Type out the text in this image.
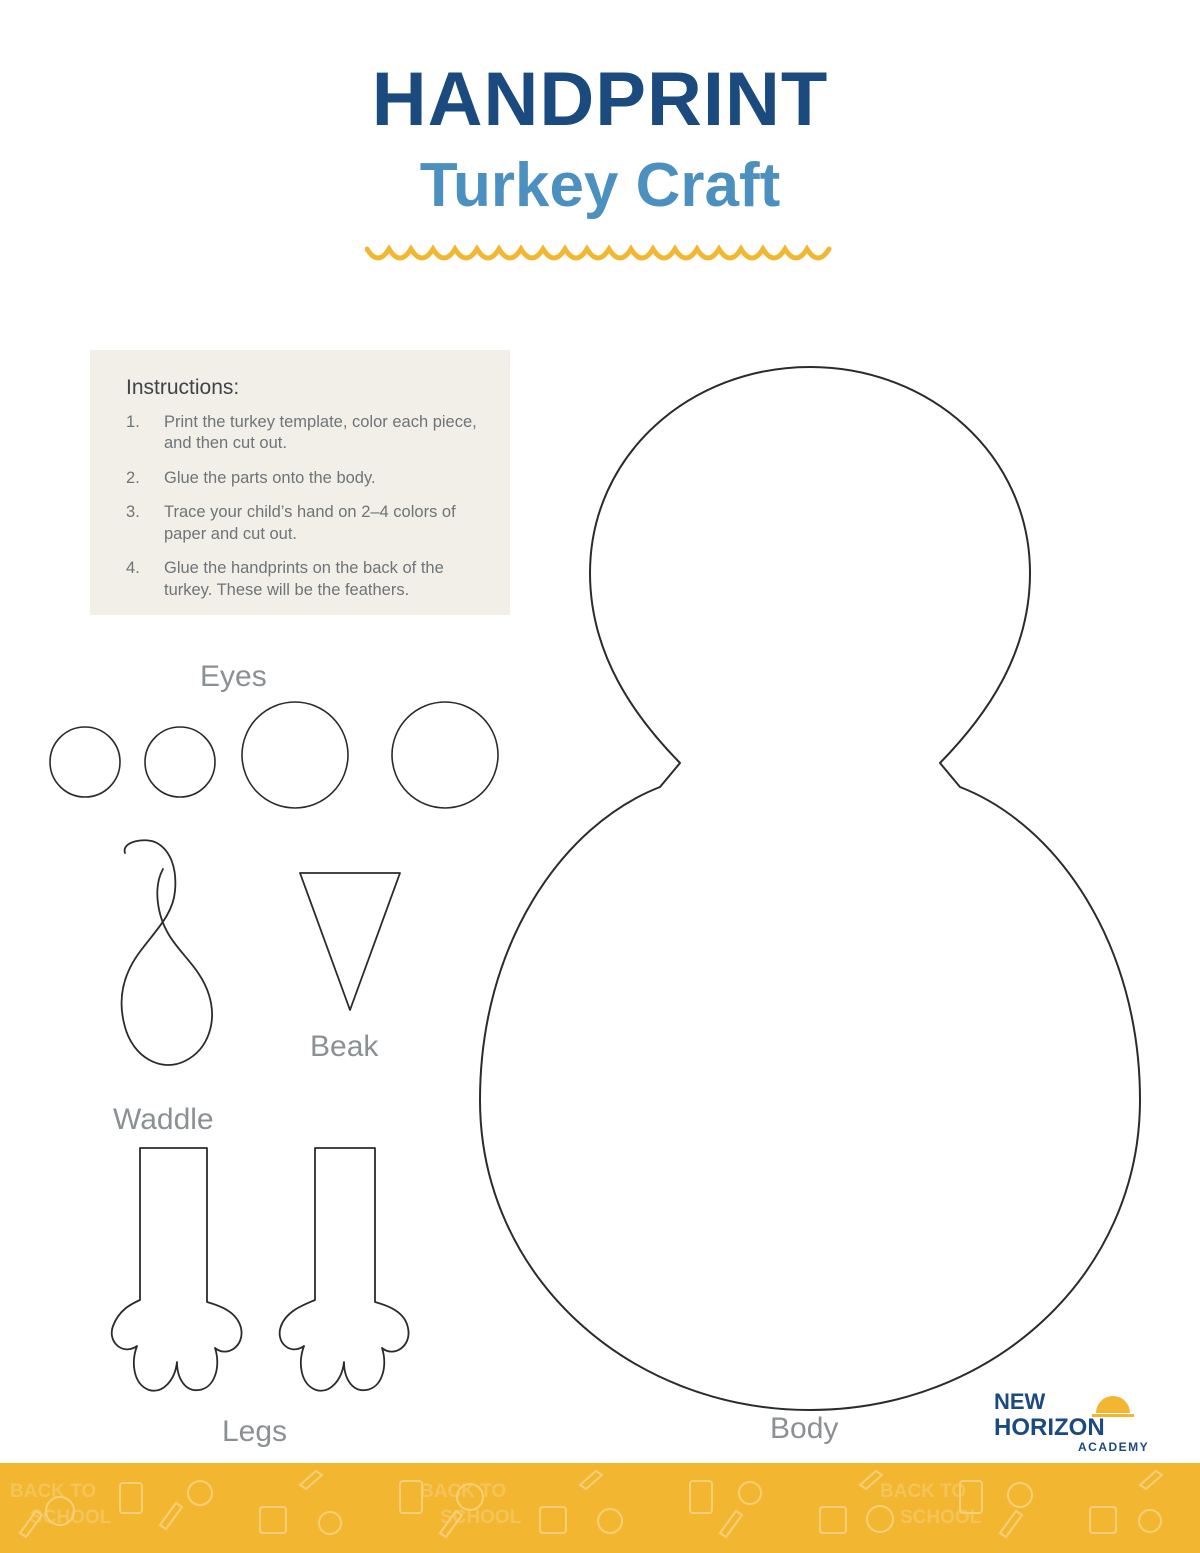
HANDPRINT
Turkey Craft
Instructions:
Print the turkey template, color each piece, and then cut out.
Glue the parts onto the body.
Trace your child’s hand on 2–4 colors of paper and cut out.
Glue the handprints on the back of the turkey. These will be the feathers.
Eyes
Waddle
Beak
Legs	Body
NEW
HORIZON
ACADEMY
BACK TO
SCHOOL
BACK TO
SCHOOL
BACK TO
SCHOOL
